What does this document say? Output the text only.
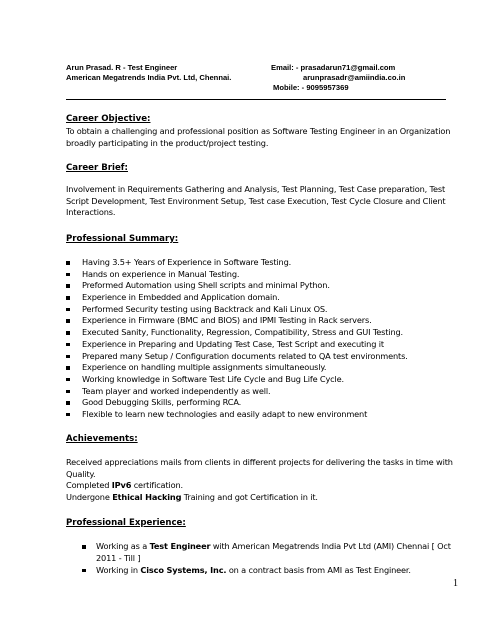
Arun Prasad. R - Test Engineer
American Megatrends India Pvt. Ltd, Chennai.
Email: - prasadarun71@gmail.com
arunprasadr@amiindia.co.in
Mobile: - 9095957369
Career Objective:
To obtain a challenging and professional position as Software Testing Engineer in an Organization broadly participating in the product/project testing.
Career Brief:
Involvement in Requirements Gathering and Analysis, Test Planning, Test Case preparation, Test Script Development, Test Environment Setup, Test case Execution, Test Cycle Closure and Client Interactions.
Professional Summary:
Having 3.5+ Years of Experience in Software Testing.
Hands on experience in Manual Testing.
Preformed Automation using Shell scripts and minimal Python.
Experience in Embedded and Application domain.
Performed Security testing using Backtrack and Kali Linux OS.
Experience in Firmware (BMC and BIOS) and IPMI Testing in Rack servers.
Executed Sanity, Functionality, Regression, Compatibility, Stress and GUI Testing.
Experience in Preparing and Updating Test Case, Test Script and executing it
Prepared many Setup / Configuration documents related to QA test environments.
Experience on handling multiple assignments simultaneously.
Working knowledge in Software Test Life Cycle and Bug Life Cycle.
Team player and worked independently as well.
Good Debugging Skills, performing RCA.
Flexible to learn new technologies and easily adapt to new environment
Achievements:
Received appreciations mails from clients in different projects for delivering the tasks in time with Quality.
Completed IPv6 certification.
Undergone Ethical Hacking Training and got Certification in it.
Professional Experience:
Working as a Test Engineer with American Megatrends India Pvt Ltd (AMI) Chennai [ Oct 2011 - Till ]
Working in Cisco Systems, Inc. on a contract basis from AMI as Test Engineer.
1
